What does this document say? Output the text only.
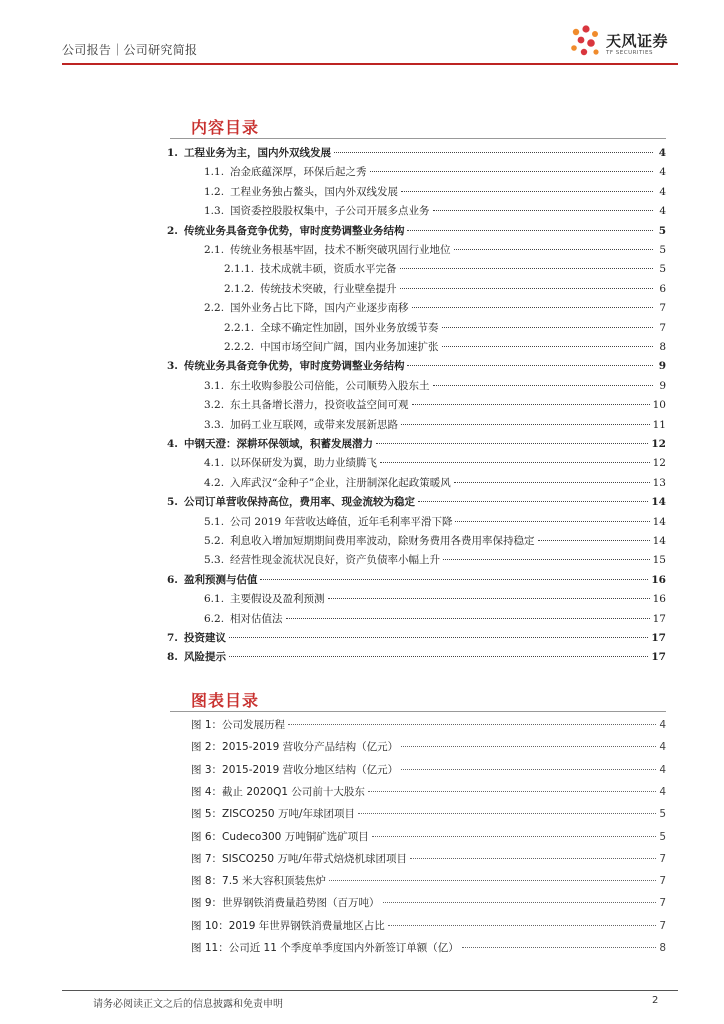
公司报告｜公司研究简报	天风证券
TF SECURITIES
内容目录
1. 工程业务为主，国内外双线发展	4
1.1. 冶金底蕴深厚，环保后起之秀	4
1.2. 工程业务独占鳌头，国内外双线发展	4
1.3. 国资委控股股权集中，子公司开展多点业务	4
2. 传统业务具备竞争优势，审时度势调整业务结构	5
2.1. 传统业务根基牢固，技术不断突破巩固行业地位	5
2.1.1. 技术成就丰硕，资质水平完备	5
2.1.2. 传统技术突破，行业壁垒提升	6
2.2. 国外业务占比下降，国内产业逐步南移	7
2.2.1. 全球不确定性加剧，国外业务放缓节奏	7
2.2.2. 中国市场空间广阔，国内业务加速扩张	8
3. 传统业务具备竞争优势，审时度势调整业务结构	9
3.1. 东土收购参股公司倍能，公司顺势入股东土	9
3.2. 东土具备增长潜力，投资收益空间可观	10
3.3. 加码工业互联网，或带来发展新思路	11
4. 中钢天澄：深耕环保领域，积蓄发展潜力	12
4.1. 以环保研发为翼，助力业绩腾飞	12
4.2. 入库武汉“金种子”企业，注册制深化起政策暖风	13
5. 公司订单营收保持高位，费用率、现金流较为稳定	14
5.1. 公司 2019 年营收达峰值，近年毛利率平滑下降	14
5.2. 利息收入增加短期期间费用率波动，除财务费用各费用率保持稳定	14
5.3. 经营性现金流状况良好，资产负债率小幅上升	15
6. 盈利预测与估值	16
6.1. 主要假设及盈利预测	16
6.2. 相对估值法	17
7. 投资建议	17
8. 风险提示	17
图表目录
图 1：公司发展历程	4
图 2：2015-2019 营收分产品结构（亿元）	4
图 3：2015-2019 营收分地区结构（亿元）	4
图 4：截止 2020Q1 公司前十大股东	4
图 5：ZISCO250 万吨/年球团项目	5
图 6：Cudeco300 万吨铜矿选矿项目	5
图 7：SISCO250 万吨/年带式焙烧机球团项目	7
图 8：7.5 米大容积顶装焦炉	7
图 9：世界钢铁消费量趋势图（百万吨）	7
图 10：2019 年世界钢铁消费量地区占比	7
图 11：公司近 11 个季度单季度国内外新签订单额（亿）	8
请务必阅读正文之后的信息披露和免责申明	2
